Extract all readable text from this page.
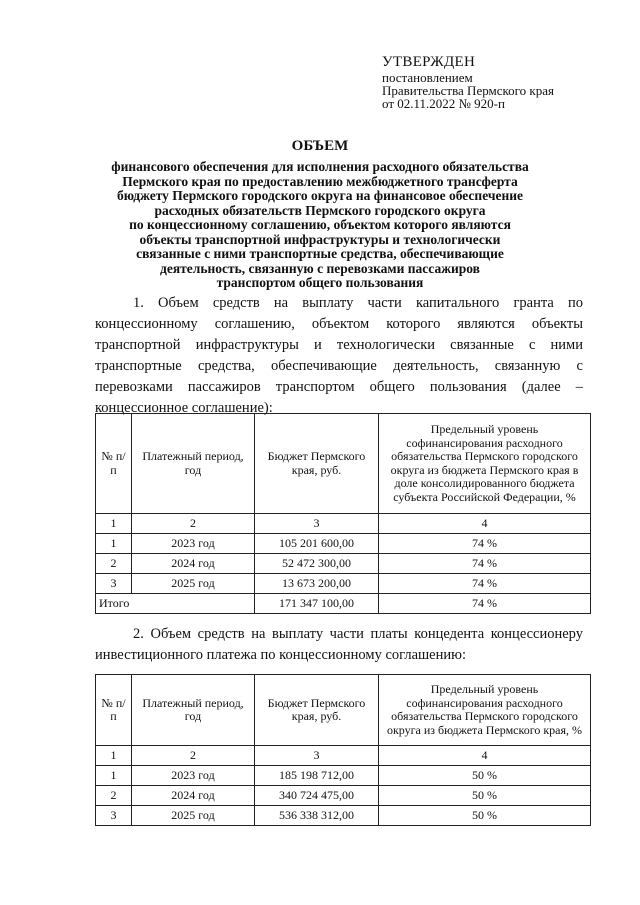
УТВЕРЖДЕН
постановлением
Правительства Пермского края
от 02.11.2022 № 920-п
ОБЪЕМ
финансового обеспечения для исполнения расходного обязательства
Пермского края по предоставлению межбюджетного трансферта
бюджету Пермского городского округа на финансовое обеспечение
расходных обязательств Пермского городского округа
по концессионному соглашению, объектом которого являются
объекты транспортной инфраструктуры и технологически
связанные с ними транспортные средства, обеспечивающие
деятельность, связанную с перевозками пассажиров
транспортом общего пользования
1. Объем средств на выплату части капитального гранта по концессионному соглашению, объектом которого являются объекты транспортной инфраструктуры и технологически связанные с ними транспортные средства, обеспечивающие деятельность, связанную с перевозками пассажиров транспортом общего пользования (далее – концессионное соглашение):
№ п/п	Платежный период, год	Бюджет Пермского края, руб.	Предельный уровень софинансирования расходного обязательства Пермского городского округа из бюджета Пермского края в доле консолидированного бюджета субъекта Российской Федерации, %
1	2	3	4
1	2023 год	105 201 600,00	74 %
2	2024 год	52 472 300,00	74 %
3	2025 год	13 673 200,00	74 %
Итого		171 347 100,00	74 %
2. Объем средств на выплату части платы концедента концессионеру инвестиционного платежа по концессионному соглашению:
№ п/п	Платежный период, год	Бюджет Пермского края, руб.	Предельный уровень софинансирования расходного обязательства Пермского городского округа из бюджета Пермского края, %
1	2	3	4
1	2023 год	185 198 712,00	50 %
2	2024 год	340 724 475,00	50 %
3	2025 год	536 338 312,00	50 %
